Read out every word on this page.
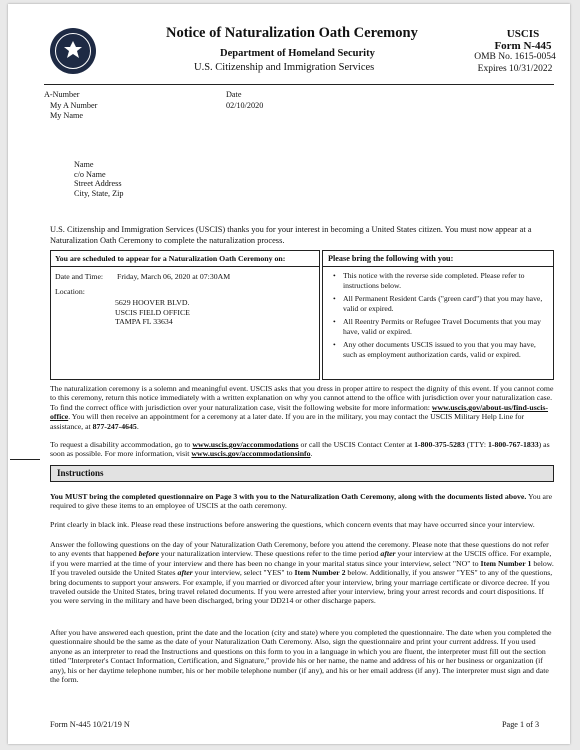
Notice of Naturalization Oath Ceremony
Department of Homeland Security
U.S. Citizenship and Immigration Services
USCIS
Form N-445
OMB No. 1615-0054
Expires 10/31/2022
A-Number
My A Number
My Name
Date
02/10/2020
Name
c/o Name
Street Address
City, State, Zip
U.S. Citizenship and Immigration Services (USCIS) thanks you for your interest in becoming a United States citizen. You must now appear at a Naturalization Oath Ceremony to complete the naturalization process.
You are scheduled to appear for a Naturalization Oath Ceremony on:
Date and Time: Friday, March 06, 2020 at 07:30AM
Location:
5629 HOOVER BLVD.
USCIS FIELD OFFICE
TAMPA FL 33634
Please bring the following with you:
• This notice with the reverse side completed. Please refer to instructions below.
• All Permanent Resident Cards ("green card") that you may have, valid or expired.
• All Reentry Permits or Refugee Travel Documents that you may have, valid or expired.
• Any other documents USCIS issued to you that you may have, such as employment authorization cards, valid or expired.
The naturalization ceremony is a solemn and meaningful event. USCIS asks that you dress in proper attire to respect the dignity of this event. If you cannot come to this ceremony, return this notice immediately with a written explanation on why you cannot attend to the office with jurisdiction over your naturalization case. To find the correct office with jurisdiction over your naturalization case, visit the following website for more information: www.uscis.gov/about-us/find-uscis-office. You will then receive an appointment for a ceremony at a later date. If you are in the military, you may contact the USCIS Military Help Line for assistance, at 877-247-4645.
To request a disability accommodation, go to www.uscis.gov/accommodations or call the USCIS Contact Center at 1-800-375-5283 (TTY: 1-800-767-1833) as soon as possible. For more information, visit www.uscis.gov/accommodationsinfo.
Instructions
You MUST bring the completed questionnaire on Page 3 with you to the Naturalization Oath Ceremony, along with the documents listed above. You are required to give these items to an employee of USCIS at the oath ceremony.
Print clearly in black ink. Please read these instructions before answering the questions, which concern events that may have occurred since your interview.
Answer the following questions on the day of your Naturalization Oath Ceremony, before you attend the ceremony. Please note that these questions do not refer to any events that happened before your naturalization interview. These questions refer to the time period after your interview at the USCIS office. For example, if you were married at the time of your interview and there has been no change in your marital status since your interview, select "NO" to Item Number 1 below. If you traveled outside the United States after your interview, select "YES" to Item Number 2 below. Additionally, if you answer "YES" to any of the questions, bring documents to support your answers. For example, if you married or divorced after your interview, bring your marriage certificate or divorce decree. If you traveled outside the United States, bring travel related documents. If you were arrested after your interview, bring your arrest records and court dispositions. If you were serving in the military and have been discharged, bring your DD214 or other discharge papers.
After you have answered each question, print the date and the location (city and state) where you completed the questionnaire. The date when you completed the questionnaire should be the same as the date of your Naturalization Oath Ceremony. Also, sign the questionnaire and print your current address. If you used anyone as an interpreter to read the Instructions and questions on this form to you in a language in which you are fluent, the interpreter must fill out the section titled "Interpreter's Contact Information, Certification, and Signature," provide his or her name, the name and address of his or her business or organization (if any), his or her daytime telephone number, his or her mobile telephone number (if any), and his or her email address (if any). The interpreter must sign and date the form.
Form N-445 10/21/19 N	Page 1 of 3
